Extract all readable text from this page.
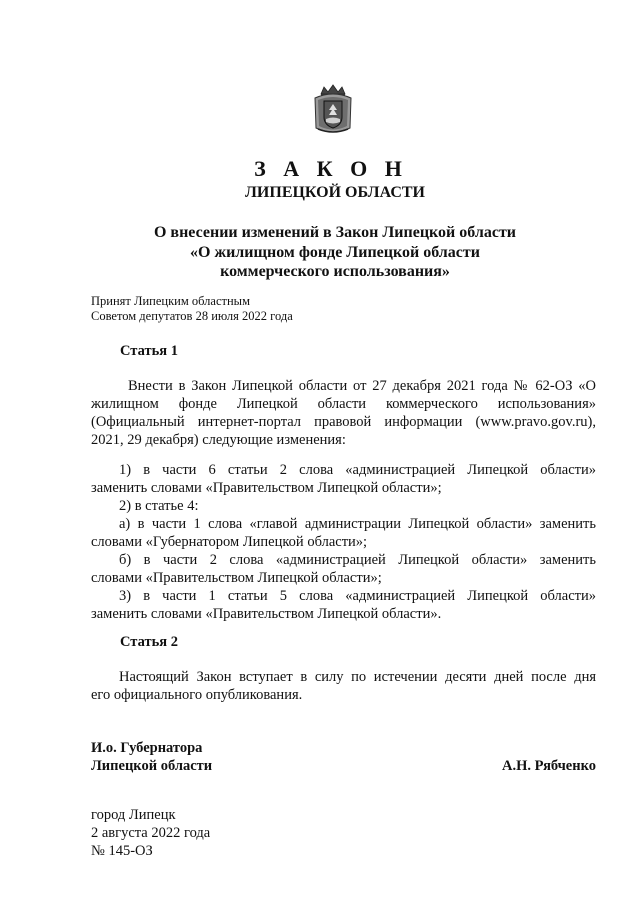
З А К О Н
ЛИПЕЦКОЙ ОБЛАСТИ
О внесении изменений в Закон Липецкой области
«О жилищном фонде Липецкой области
коммерческого использования»
Принят Липецким областным
Советом депутатов 28 июля 2022 года
Статья 1
Внести в Закон Липецкой области от 27 декабря 2021 года № 62-ОЗ «О
жилищном фонде Липецкой области коммерческого использования»
(Официальный интернет-портал правовой информации (www.pravo.gov.ru),
2021, 29 декабря) следующие изменения:
1) в части 6 статьи 2 слова «администрацией Липецкой области»
заменить словами «Правительством Липецкой области»;
2) в статье 4:
а) в части 1 слова «главой администрации Липецкой области» заменить
словами «Губернатором Липецкой области»;
б) в части 2 слова «администрацией Липецкой области» заменить
словами «Правительством Липецкой области»;
3) в части 1 статьи 5 слова «администрацией Липецкой области»
заменить словами «Правительством Липецкой области».
Статья 2
Настоящий Закон вступает в силу по истечении десяти дней после дня
его официального опубликования.
И.о. Губернатора
Липецкой области	А.Н. Рябченко
город Липецк
2 августа 2022 года
№ 145-ОЗ
